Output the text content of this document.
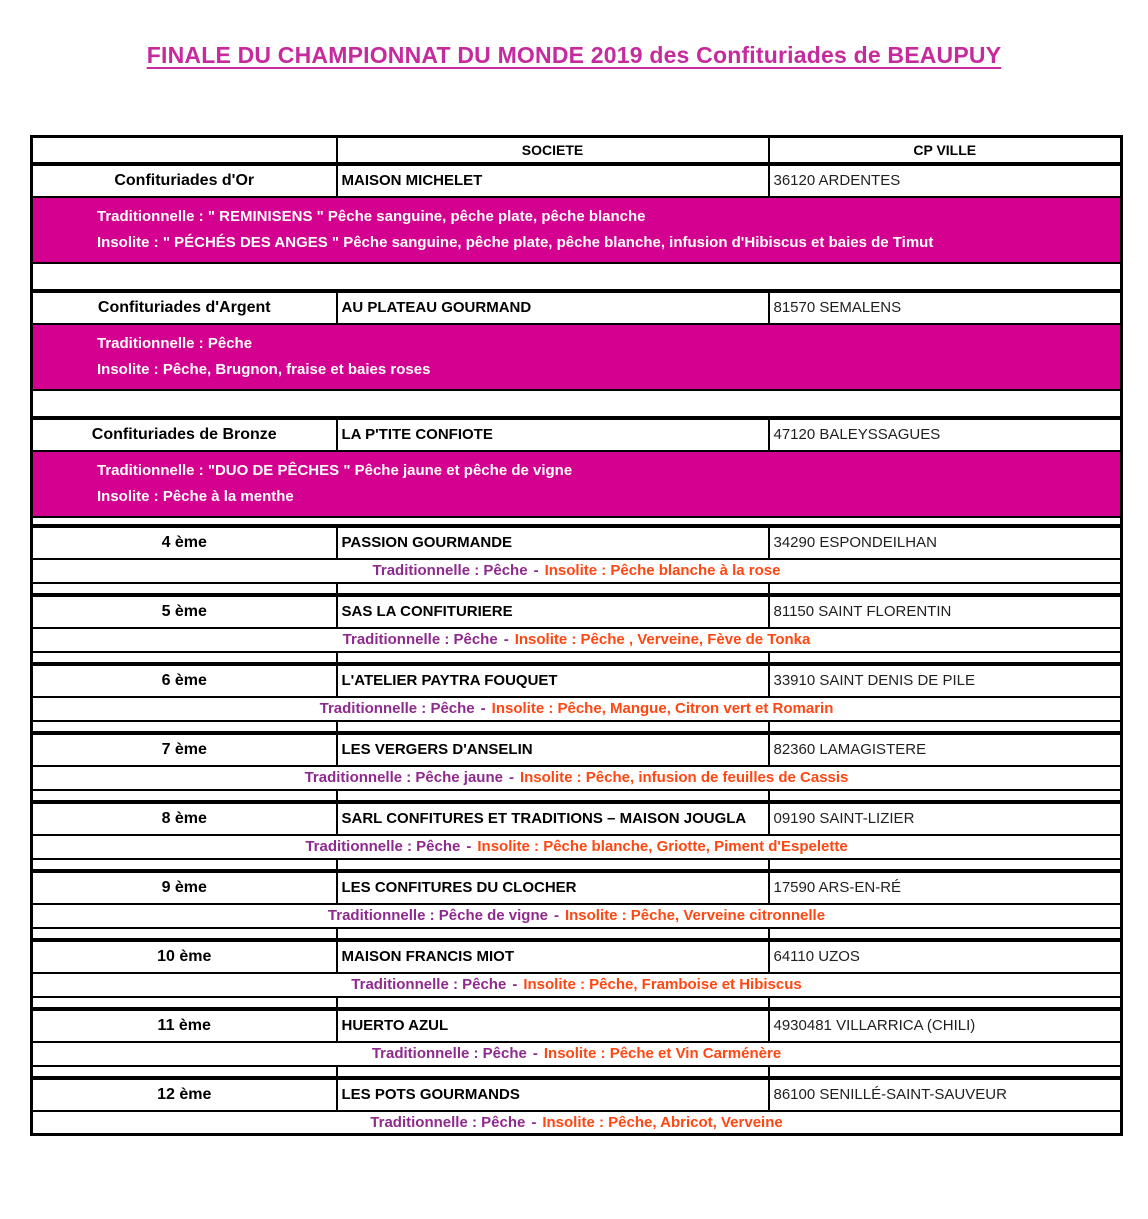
FINALE DU CHAMPIONNAT DU MONDE 2019 des Confituriades de BEAUPUY
	SOCIETE	CP VILLE
Confituriades d'Or	MAISON MICHELET	36120 ARDENTES

Traditionnelle : " REMINISENS " Pêche sanguine, pêche plate, pêche blanche
Insolite : " PÉCHÉS DES ANGES " Pêche sanguine, pêche plate, pêche blanche, infusion d'Hibiscus et baies de Timut		

Confituriades d'Argent	AU PLATEAU GOURMAND	81570 SEMALENS

Traditionnelle : Pêche
Insolite : Pêche, Brugnon, fraise et baies roses		

Confituriades de Bronze	LA P'TITE CONFIOTE	47120 BALEYSSAGUES

Traditionnelle : "DUO DE PÊCHES " Pêche jaune et pêche de vigne
Insolite : Pêche à la menthe		

4 ème	PASSION GOURMANDE	34290 ESPONDEILHAN
Traditionnelle : Pêche - Insolite : Pêche blanche à la rose		

5 ème	SAS LA CONFITURIERE	81150 SAINT FLORENTIN
Traditionnelle : Pêche - Insolite : Pêche , Verveine, Fève de Tonka		

6 ème	L'ATELIER PAYTRA FOUQUET	33910 SAINT DENIS DE PILE
Traditionnelle : Pêche - Insolite : Pêche, Mangue, Citron vert et Romarin		

7 ème	LES VERGERS D'ANSELIN	82360 LAMAGISTERE
Traditionnelle : Pêche jaune - Insolite : Pêche, infusion de feuilles de Cassis		

8 ème	SARL CONFITURES ET TRADITIONS – MAISON JOUGLA	09190 SAINT-LIZIER
Traditionnelle : Pêche - Insolite : Pêche blanche, Griotte, Piment d'Espelette		

9 ème	LES CONFITURES DU CLOCHER	17590 ARS-EN-RÉ
Traditionnelle : Pêche de vigne - Insolite : Pêche, Verveine citronnelle		

10 ème	MAISON FRANCIS MIOT	64110 UZOS
Traditionnelle : Pêche - Insolite : Pêche, Framboise et Hibiscus		

11 ème	HUERTO AZUL	4930481 VILLARRICA (CHILI)
Traditionnelle : Pêche - Insolite : Pêche et Vin Carménère		

12 ème	LES POTS GOURMANDS	86100 SENILLÉ-SAINT-SAUVEUR
Traditionnelle : Pêche - Insolite : Pêche, Abricot, Verveine		
